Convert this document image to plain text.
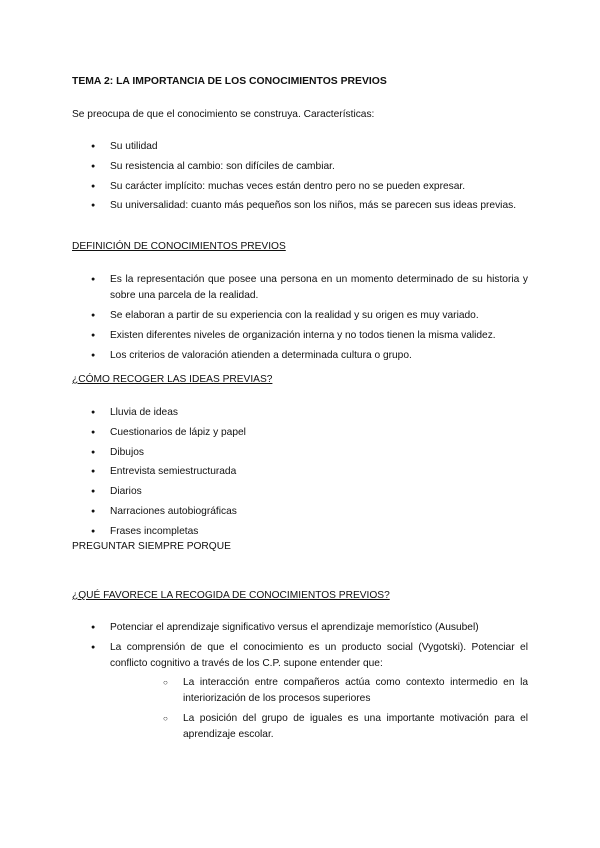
TEMA 2: LA IMPORTANCIA DE LOS CONOCIMIENTOS PREVIOS
Se preocupa de que el conocimiento se construya. Características:
● Su utilidad
● Su resistencia al cambio: son difíciles de cambiar.
● Su carácter implícito: muchas veces están dentro pero no se pueden expresar.
● Su universalidad: cuanto más pequeños son los niños, más se parecen sus ideas previas.
DEFINICIÓN DE CONOCIMIENTOS PREVIOS
● Es la representación que posee una persona en un momento determinado de su historia y sobre una parcela de la realidad.
● Se elaboran a partir de su experiencia con la realidad y su origen es muy variado.
● Existen diferentes niveles de organización interna y no todos tienen la misma validez.
● Los criterios de valoración atienden a determinada cultura o grupo.
¿CÓMO RECOGER LAS IDEAS PREVIAS?
● Lluvia de ideas
● Cuestionarios de lápiz y papel
● Dibujos
● Entrevista semiestructurada
● Diarios
● Narraciones autobiográficas
● Frases incompletas
PREGUNTAR SIEMPRE PORQUE
¿QUÉ FAVORECE LA RECOGIDA DE CONOCIMIENTOS PREVIOS?
● Potenciar el aprendizaje significativo versus el aprendizaje memorístico (Ausubel)
● La comprensión de que el conocimiento es un producto social (Vygotski). Potenciar el conflicto cognitivo a través de los C.P. supone entender que:
○ La interacción entre compañeros actúa como contexto intermedio en la interiorización de los procesos superiores
○ La posición del grupo de iguales es una importante motivación para el aprendizaje escolar.
